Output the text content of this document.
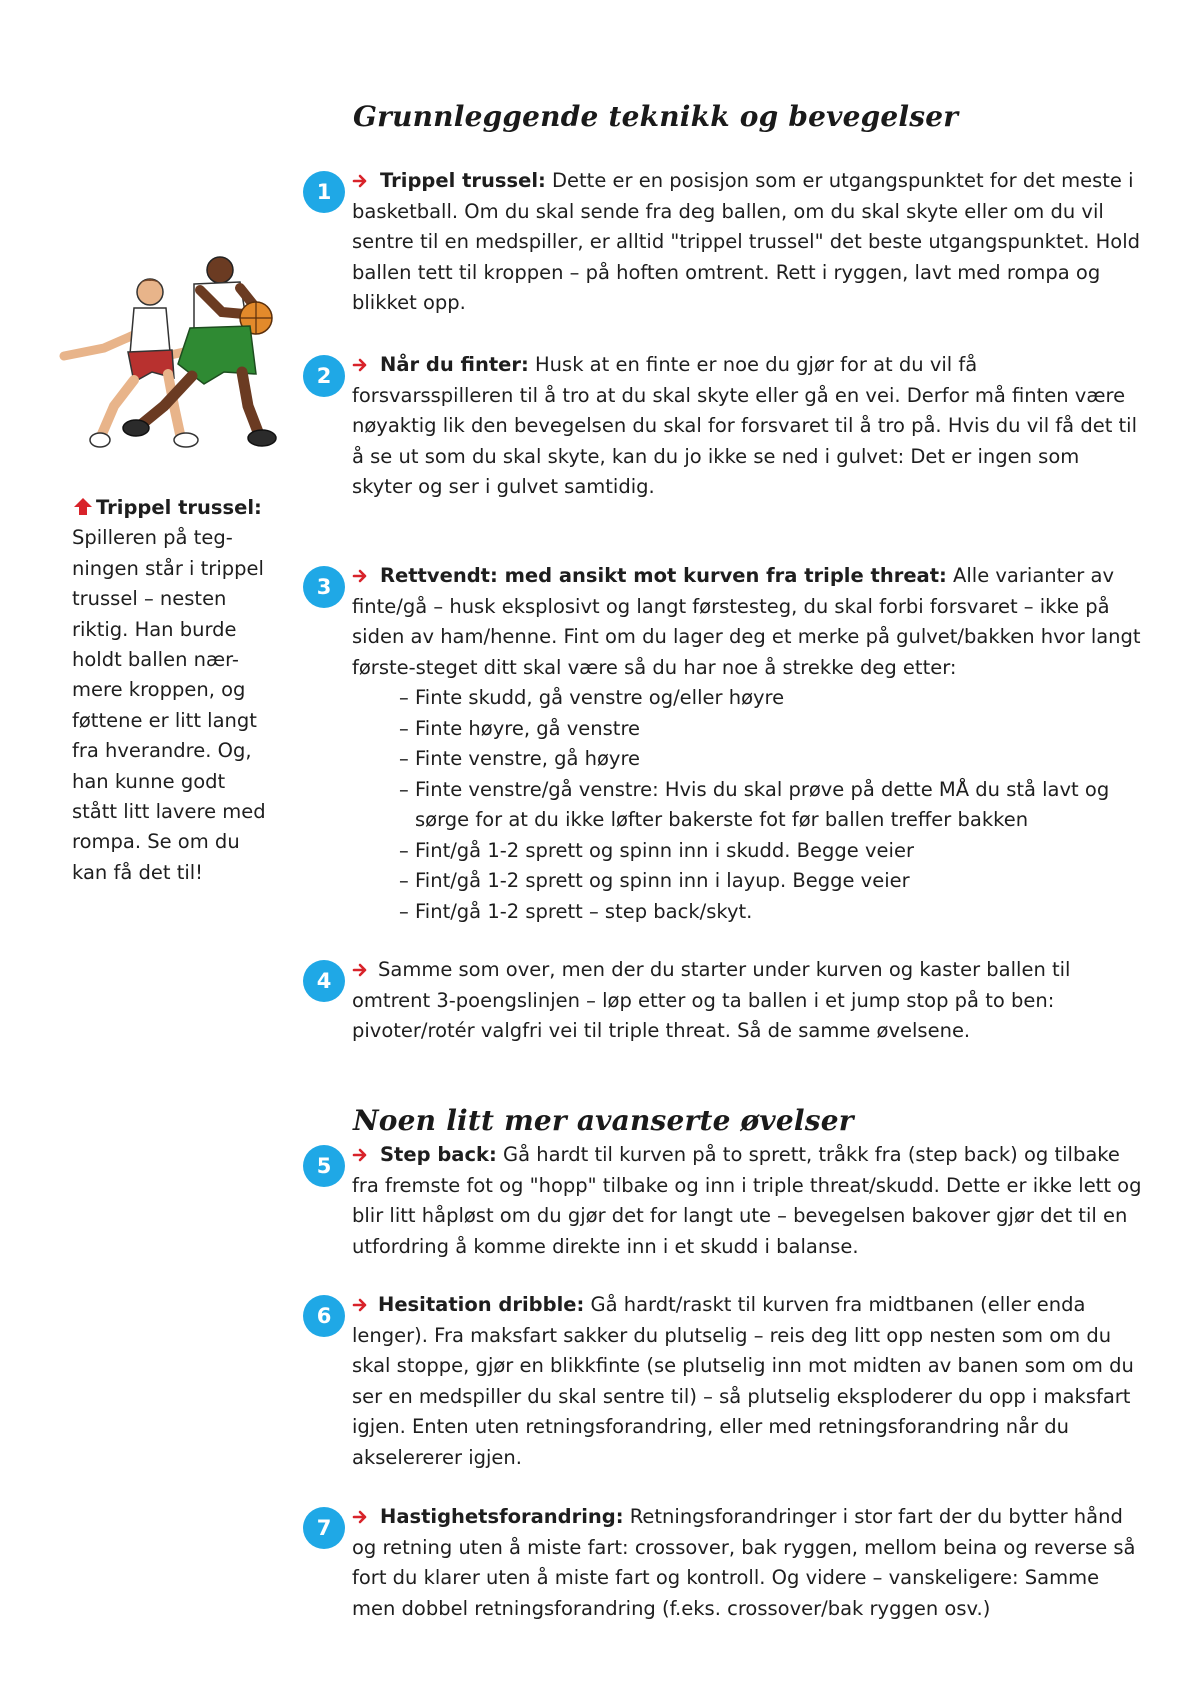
Grunnleggende teknikk og bevegelser
Noen litt mer avanserte øvelser
Trippel trussel:
Spilleren på teg-ningen står i trippel trussel – nesten riktig. Han burde holdt ballen nær-mere kroppen, og føttene er litt langt fra hverandre. Og, han kunne godt stått litt lavere med rompa. Se om du kan få det til!
1	Trippel trussel: Dette er en posisjon som er utgangspunktet for det meste i basketball. Om du skal sende fra deg ballen, om du skal skyte eller om du vil sentre til en medspiller, er alltid "trippel trussel" det beste utgangspunktet. Hold ballen tett til kroppen – på hoften omtrent. Rett i ryggen, lavt med rompa og blikket opp.
2	Når du finter: Husk at en finte er noe du gjør for at du vil få forsvarsspilleren til å tro at du skal skyte eller gå en vei. Derfor må finten være nøyaktig lik den bevegelsen du skal for forsvaret til å tro på. Hvis du vil få det til å se ut som du skal skyte, kan du jo ikke se ned i gulvet: Det er ingen som skyter og ser i gulvet samtidig.
3	Rettvendt: med ansikt mot kurven fra triple threat: Alle varianter av finte/gå – husk eksplosivt og langt førstesteg, du skal forbi forsvaret – ikke på siden av ham/henne. Fint om du lager deg et merke på gulvet/bakken hvor langt første-steget ditt skal være så du har noe å strekke deg etter:
– Finte skudd, gå venstre og/eller høyre
– Finte høyre, gå venstre
– Finte venstre, gå høyre
– Finte venstre/gå venstre: Hvis du skal prøve på dette MÅ du stå lavt og sørge for at du ikke løfter bakerste fot før ballen treffer bakken
– Fint/gå 1-2 sprett og spinn inn i skudd. Begge veier
– Fint/gå 1-2 sprett og spinn inn i layup. Begge veier
– Fint/gå 1-2 sprett – step back/skyt.
4	Samme som over, men der du starter under kurven og kaster ballen til omtrent 3-poengslinjen – løp etter og ta ballen i et jump stop på to ben: pivoter/rotér valgfri vei til triple threat. Så de samme øvelsene.
5	Step back: Gå hardt til kurven på to sprett, tråkk fra (step back) og tilbake fra fremste fot og "hopp" tilbake og inn i triple threat/skudd. Dette er ikke lett og blir litt håpløst om du gjør det for langt ute – bevegelsen bakover gjør det til en utfordring å komme direkte inn i et skudd i balanse.
6	Hesitation dribble: Gå hardt/raskt til kurven fra midtbanen (eller enda lenger). Fra maksfart sakker du plutselig – reis deg litt opp nesten som om du skal stoppe, gjør en blikkfinte (se plutselig inn mot midten av banen som om du ser en medspiller du skal sentre til) – så plutselig eksploderer du opp i maksfart igjen. Enten uten retningsforandring, eller med retningsforandring når du akselererer igjen.
7	Hastighetsforandring: Retningsforandringer i stor fart der du bytter hånd og retning uten å miste fart: crossover, bak ryggen, mellom beina og reverse så fort du klarer uten å miste fart og kontroll. Og videre – vanskeligere: Samme men dobbel retningsforandring (f.eks. crossover/bak ryggen osv.)
